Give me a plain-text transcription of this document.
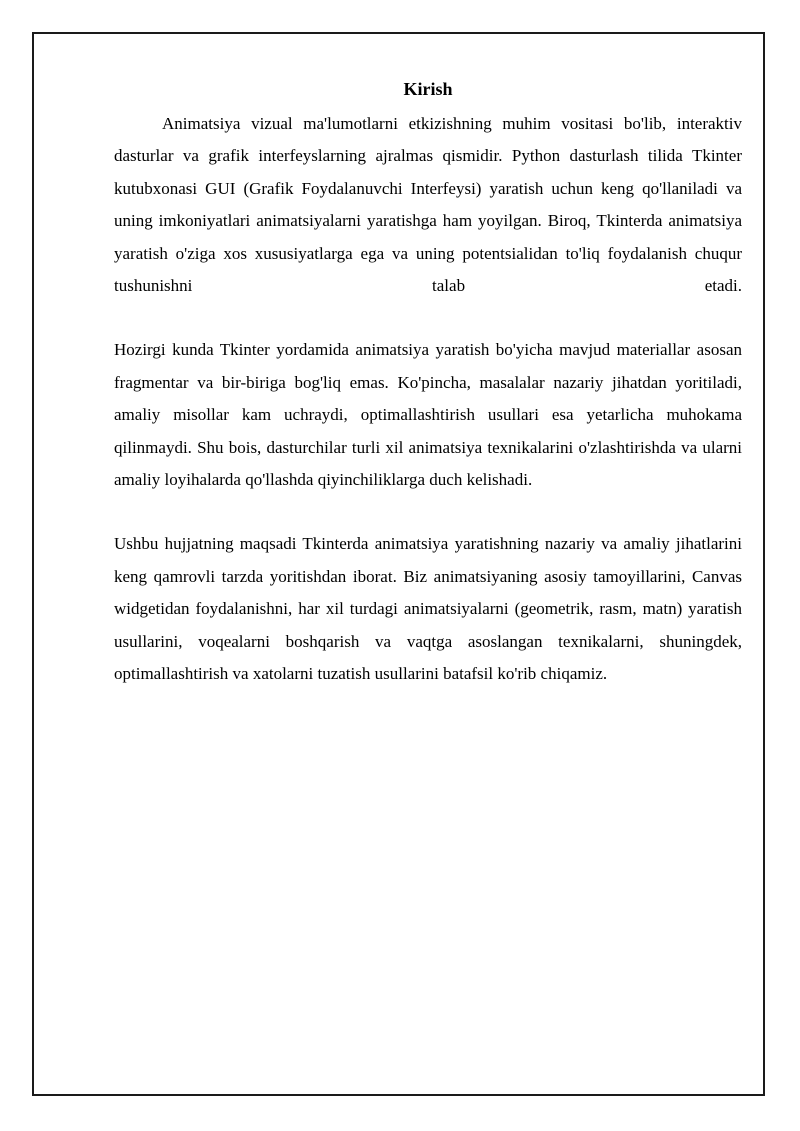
Kirish

Animatsiya vizual ma'lumotlarni etkizishning muhim vositasi bo'lib, interaktiv dasturlar va grafik interfeyslarning ajralmas qismidir. Python dasturlash tilida Tkinter kutubxonasi GUI (Grafik Foydalanuvchi Interfeysi) yaratish uchun keng qo'llaniladi va uning imkoniyatlari animatsiyalarni yaratishga ham yoyilgan. Biroq, Tkinterda animatsiya yaratish o'ziga xos xususiyatlarga ega va uning potentsialidan to'liq foydalanish chuqur tushunishni talab etadi.

Hozirgi kunda Tkinter yordamida animatsiya yaratish bo'yicha mavjud materiallar asosan fragmentar va bir-biriga bog'liq emas. Ko'pincha, masalalar nazariy jihatdan yoritiladi, amaliy misollar kam uchraydi, optimallashtirish usullari esa yetarlicha muhokama qilinmaydi. Shu bois, dasturchilar turli xil animatsiya texnikalarini o'zlashtirishda va ularni amaliy loyihalarda qo'llashda qiyinchiliklarga duch kelishadi.

Ushbu hujjatning maqsadi Tkinterda animatsiya yaratishning nazariy va amaliy jihatlarini keng qamrovli tarzda yoritishdan iborat. Biz animatsiyaning asosiy tamoyillarini, Canvas widgetidan foydalanishni, har xil turdagi animatsiyalarni (geometrik, rasm, matn) yaratish usullarini, voqealarni boshqarish va vaqtga asoslangan texnikalarni, shuningdek, optimallashtirish va xatolarni tuzatish usullarini batafsil ko'rib chiqamiz.
